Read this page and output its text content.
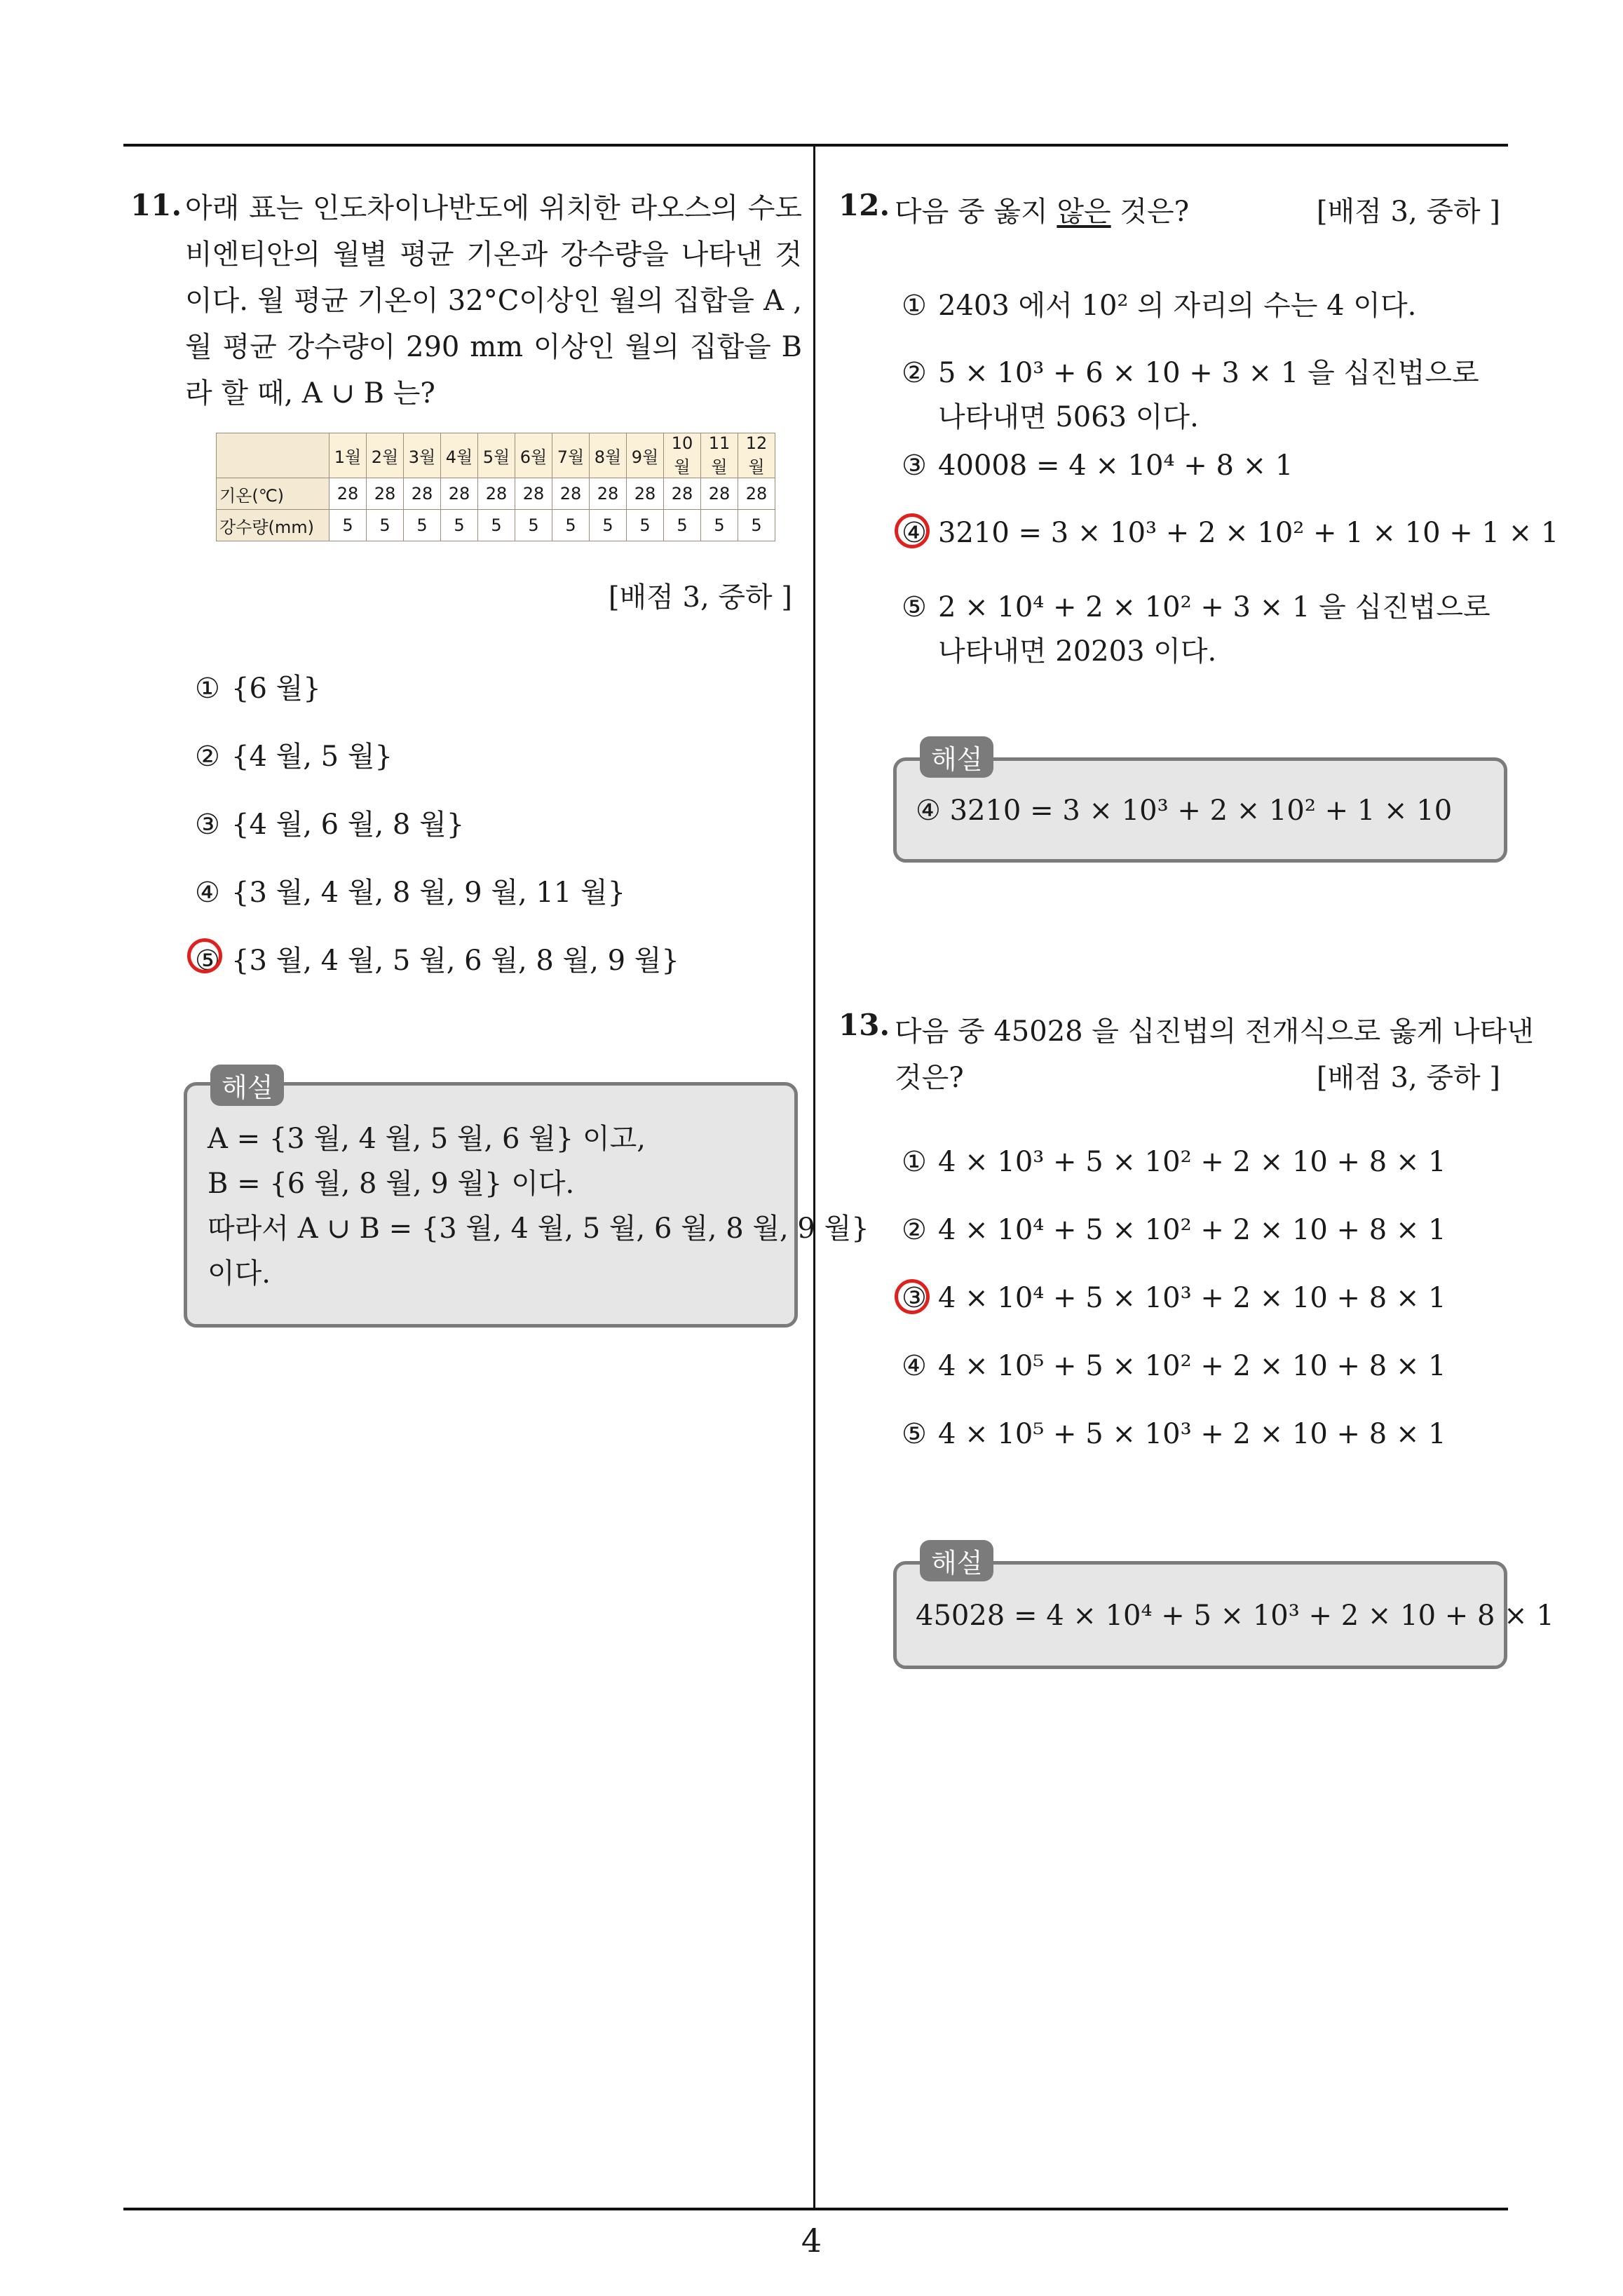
11. 아래 표는 인도차이나반도에 위치한 라오스의 수도 비엔티안의 월별 평균 기온과 강수량을 나타낸 것이다. 월 평균 기온이 32°C이상인 월의 집합을 A , 월 평균 강수량이 290 mm 이상인 월의 집합을 B 라 할 때, A ∪ B 는?
	1월	2월	3월	4월	5월	6월	7월	8월	9월	10월	11월	12월
기온(℃)	28	28	28	28	28	28	28	28	28	28	28	28
강수량(mm)	5	5	5	5	5	5	5	5	5	5	5	5
[배점 3, 중하 ]
① {6 월}
② {4 월, 5 월}
③ {4 월, 6 월, 8 월}
④ {3 월, 4 월, 8 월, 9 월, 11 월}
⑤ {3 월, 4 월, 5 월, 6 월, 8 월, 9 월}
해설
A = {3 월, 4 월, 5 월, 6 월} 이고,
B = {6 월, 8 월, 9 월} 이다.
따라서 A ∪ B = {3 월, 4 월, 5 월, 6 월, 8 월, 9 월}
이다.
12. 다음 중 옳지 않은 것은?	[배점 3, 중하 ]
① 2403 에서 10² 의 자리의 수는 4 이다.
② 5 × 10³ + 6 × 10 + 3 × 1 을 십진법으로
나타내면 5063 이다.
③ 40008 = 4 × 10⁴ + 8 × 1
④ 3210 = 3 × 10³ + 2 × 10² + 1 × 10 + 1 × 1
⑤ 2 × 10⁴ + 2 × 10² + 3 × 1 을 십진법으로
나타내면 20203 이다.
해설
④ 3210 = 3 × 10³ + 2 × 10² + 1 × 10
13. 다음 중 45028 을 십진법의 전개식으로 옳게 나타낸
것은?	[배점 3, 중하 ]
① 4 × 10³ + 5 × 10² + 2 × 10 + 8 × 1
② 4 × 10⁴ + 5 × 10² + 2 × 10 + 8 × 1
③ 4 × 10⁴ + 5 × 10³ + 2 × 10 + 8 × 1
④ 4 × 10⁵ + 5 × 10² + 2 × 10 + 8 × 1
⑤ 4 × 10⁵ + 5 × 10³ + 2 × 10 + 8 × 1
해설
45028 = 4 × 10⁴ + 5 × 10³ + 2 × 10 + 8 × 1
4
